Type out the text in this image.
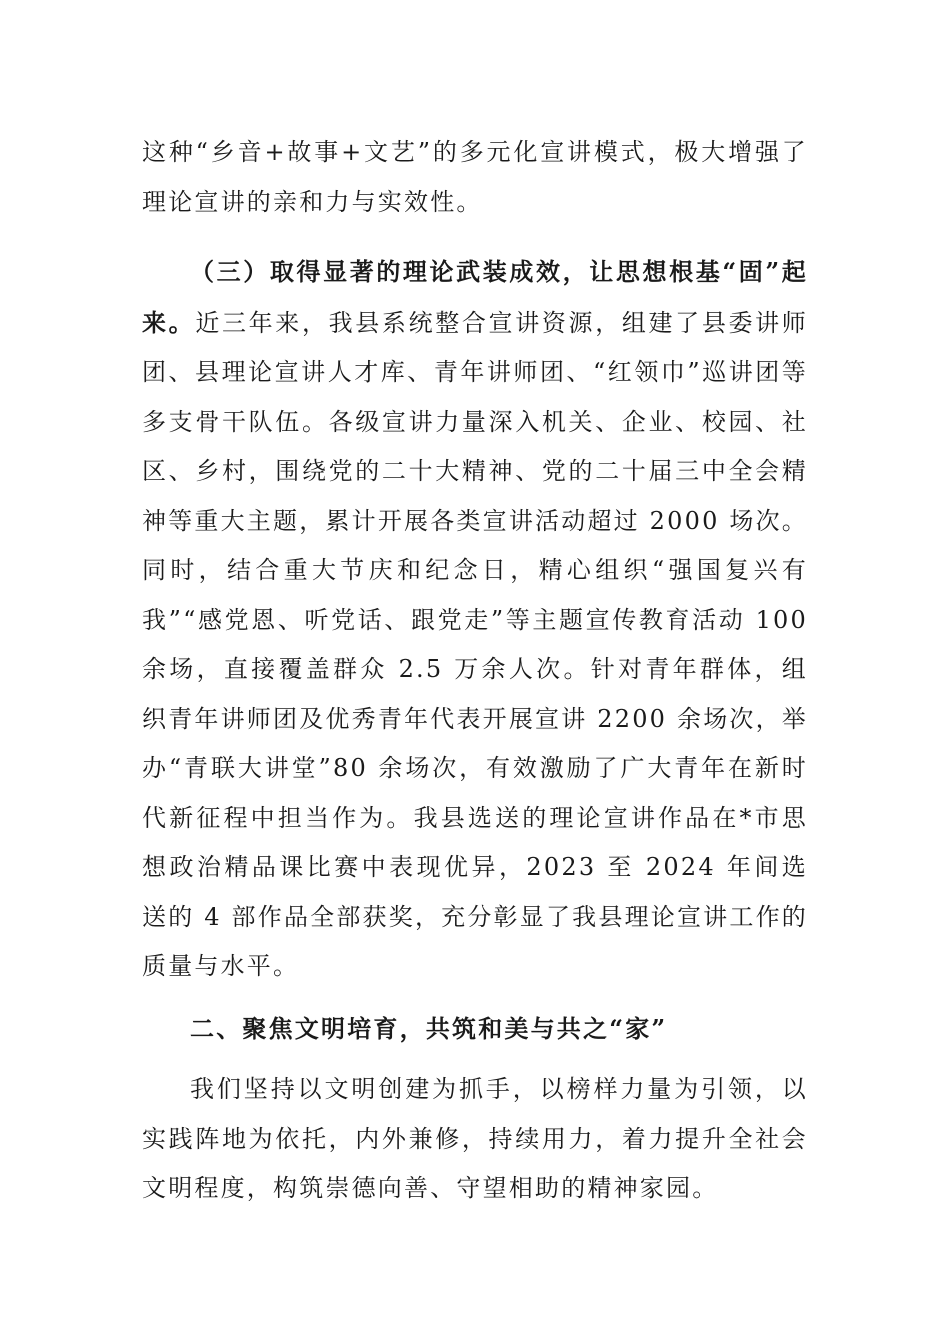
这种“乡音+故事+文艺”的多元化宣讲模式，极大增强了理论宣讲的亲和力与实效性。

（三）取得显著的理论武装成效，让思想根基“固”起来。近三年来，我县系统整合宣讲资源，组建了县委讲师团、县理论宣讲人才库、青年讲师团、“红领巾”巡讲团等多支骨干队伍。各级宣讲力量深入机关、企业、校园、社区、乡村，围绕党的二十大精神、党的二十届三中全会精神等重大主题，累计开展各类宣讲活动超过 2000 场次。同时，结合重大节庆和纪念日，精心组织“强国复兴有我”“感党恩、听党话、跟党走”等主题宣传教育活动 100 余场，直接覆盖群众 2.5 万余人次。针对青年群体，组织青年讲师团及优秀青年代表开展宣讲 2200 余场次，举办“青联大讲堂”80 余场次，有效激励了广大青年在新时代新征程中担当作为。我县选送的理论宣讲作品在*市思想政治精品课比赛中表现优异，2023 至 2024 年间选送的 4 部作品全部获奖，充分彰显了我县理论宣讲工作的质量与水平。

二、聚焦文明培育，共筑和美与共之“家”

我们坚持以文明创建为抓手，以榜样力量为引领，以实践阵地为依托，内外兼修，持续用力，着力提升全社会文明程度，构筑崇德向善、守望相助的精神家园。
